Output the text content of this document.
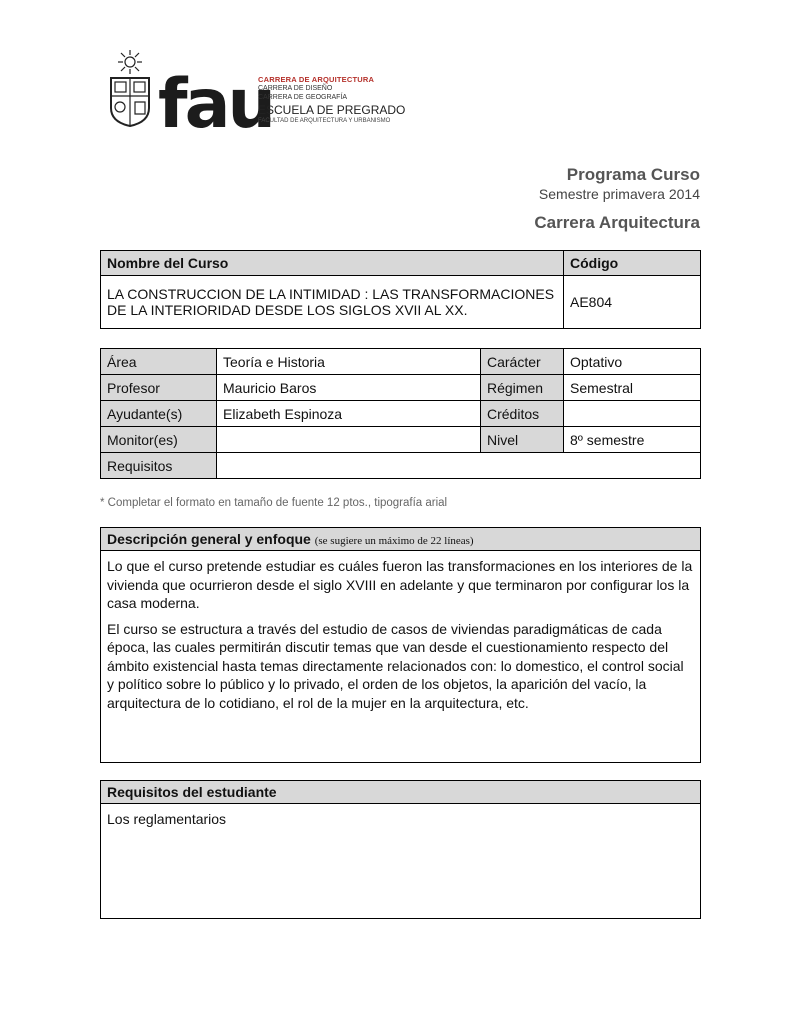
fau
CARRERA DE ARQUITECTURA
CARRERA DE DISEÑO
CARRERA DE GEOGRAFÍA
ESCUELA DE PREGRADO
FACULTAD DE ARQUITECTURA Y URBANISMO
Programa Curso
Semestre primavera 2014
Carrera Arquitectura
Nombre del Curso	Código
LA CONSTRUCCION DE LA INTIMIDAD : LAS TRANSFORMACIONES DE LA INTERIORIDAD DESDE LOS SIGLOS XVII AL XX.	AE804
Área	Teoría e Historia	Carácter	Optativo
Profesor	Mauricio Baros	Régimen	Semestral
Ayudante(s)	Elizabeth Espinoza	Créditos	
Monitor(es)		Nivel	8º semestre
Requisitos			
* Completar el formato en tamaño de fuente 12 ptos., tipografía arial
Descripción general y enfoque (se sugiere un máximo de 22 líneas)

Lo que el curso pretende estudiar es cuáles fueron las transformaciones en los interiores de la vivienda que ocurrieron desde el siglo XVIII en adelante y que terminaron por configurar los la casa moderna.

El curso se estructura a través del estudio de casos de viviendas paradigmáticas de cada época, las cuales permitirán discutir temas que van desde el cuestionamiento respecto del ámbito existencial hasta temas directamente relacionados con: lo domestico, el control social y político sobre lo público y lo privado, el orden de los objetos, la aparición del vacío, la arquitectura de lo cotidiano, el rol de la mujer en la arquitectura, etc.

Requisitos del estudiante
Los reglamentarios
